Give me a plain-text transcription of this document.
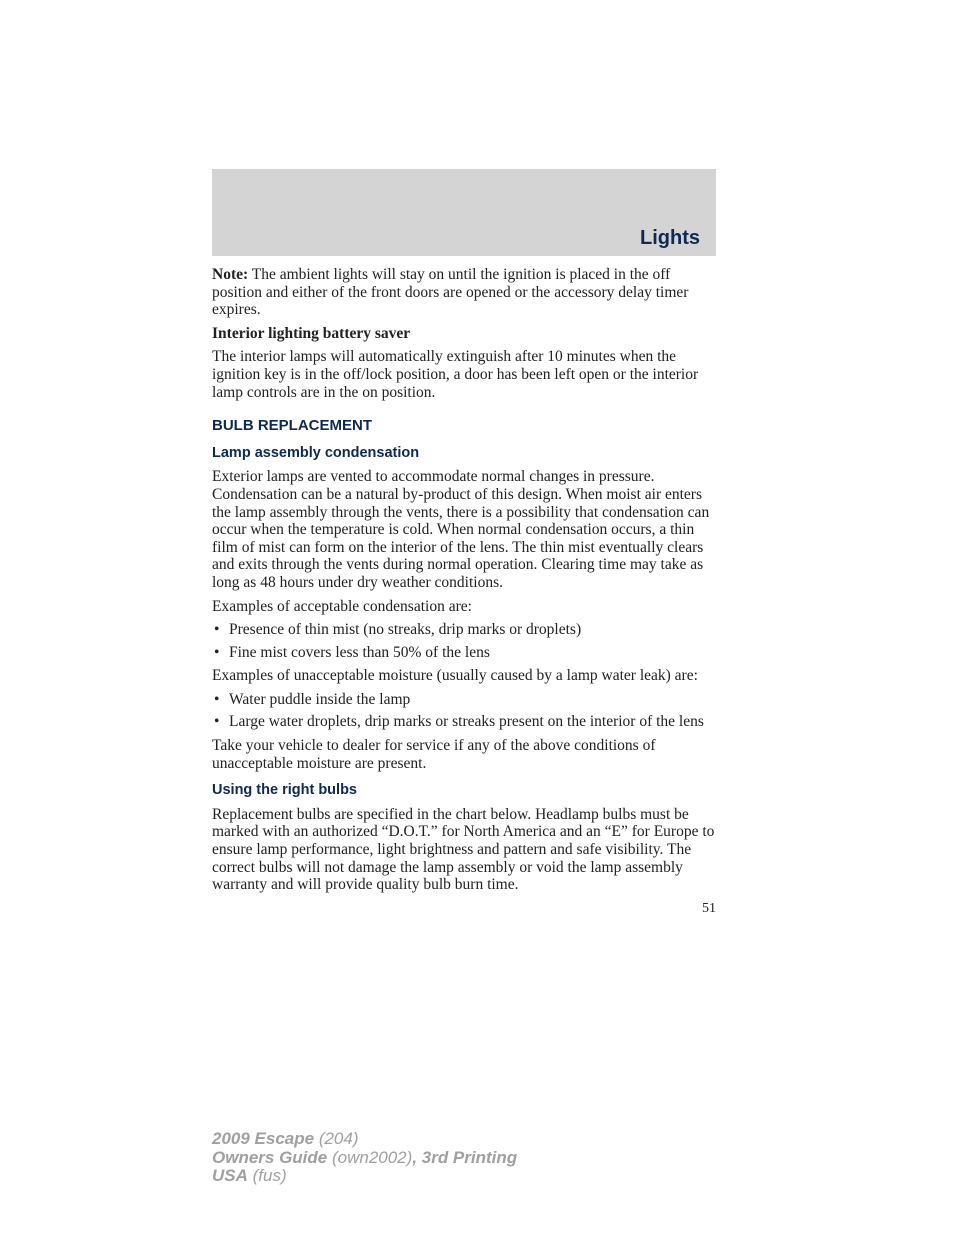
Lights

Note: The ambient lights will stay on until the ignition is placed in the off position and either of the front doors are opened or the accessory delay timer expires.

Interior lighting battery saver

The interior lamps will automatically extinguish after 10 minutes when the ignition key is in the off/lock position, a door has been left open or the interior lamp controls are in the on position.

BULB REPLACEMENT
Lamp assembly condensation

Exterior lamps are vented to accommodate normal changes in pressure. Condensation can be a natural by-product of this design. When moist air enters the lamp assembly through the vents, there is a possibility that condensation can occur when the temperature is cold. When normal condensation occurs, a thin film of mist can form on the interior of the lens. The thin mist eventually clears and exits through the vents during normal operation. Clearing time may take as long as 48 hours under dry weather conditions.

Examples of acceptable condensation are:

• Presence of thin mist (no streaks, drip marks or droplets)
• Fine mist covers less than 50% of the lens

Examples of unacceptable moisture (usually caused by a lamp water leak) are:

• Water puddle inside the lamp
• Large water droplets, drip marks or streaks present on the interior of the lens

Take your vehicle to dealer for service if any of the above conditions of unacceptable moisture are present.

Using the right bulbs

Replacement bulbs are specified in the chart below. Headlamp bulbs must be marked with an authorized “D.O.T.” for North America and an “E” for Europe to ensure lamp performance, light brightness and pattern and safe visibility. The correct bulbs will not damage the lamp assembly or void the lamp assembly warranty and will provide quality bulb burn time.

51
2009 Escape (204)
Owners Guide (own2002), 3rd Printing
USA (fus)
